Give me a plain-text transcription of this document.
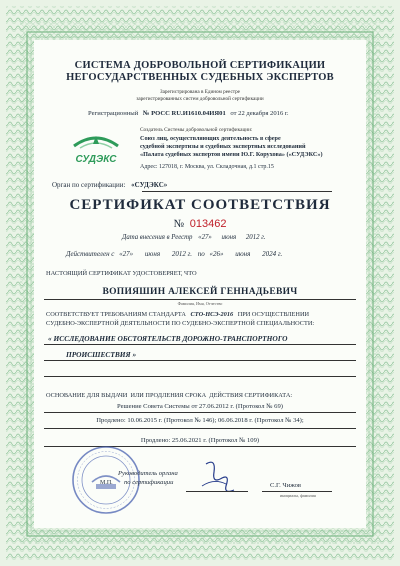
СИСТЕМА ДОБРОВОЛЬНОЙ СЕРТИФИКАЦИИ
НЕГОСУДАРСТВЕННЫХ СУДЕБНЫХ ЭКСПЕРТОВ
Зарегистрирована в Едином реестре
зарегистрированных систем добровольной сертификации
Регистрационный № РОСС RU.И1610.04ИЯ01 от 22 декабря 2016 г.
СУДЭКС
Создатель Системы добровольной сертификации:
Союз лиц, осуществляющих деятельность в сфере
судебной экспертизы и судебных экспертных исследований
«Палата судебных экспертов имени Ю.Г. Корухова» («СУДЭКС»)
Адрес: 127018, г. Москва, ул. Складочная, д.1 стр.15
Орган по сертификации: «СУДЭКС»
СЕРТИФИКАТ СООТВЕТСТВИЯ
№ 013462
Дата внесения в Реестр «27» июня 2012 г.
Действителен с «27» июня 2012 г. по «26» июня 2024 г.
НАСТОЯЩИЙ СЕРТИФИКАТ УДОСТОВЕРЯЕТ, ЧТО
ВОПИЯШИН АЛЕКСЕЙ ГЕННАДЬЕВИЧ
Фамилия, Имя, Отчество
СООТВЕТСТВУЕТ ТРЕБОВАНИЯМ СТАНДАРТА СТО-НСЭ-2016 ПРИ ОСУЩЕСТВЛЕНИИ
СУДЕБНО-ЭКСПЕРТНОЙ ДЕЯТЕЛЬНОСТИ ПО СУДЕБНО-ЭКСПЕРТНОЙ СПЕЦИАЛЬНОСТИ:
« ИССЛЕДОВАНИЕ ОБСТОЯТЕЛЬСТВ ДОРОЖНО-ТРАНСПОРТНОГО
ПРОИСШЕСТВИЯ »
ОСНОВАНИЕ ДЛЯ ВЫДАЧИ  ИЛИ ПРОДЛЕНИЯ СРОКА  ДЕЙСТВИЯ СЕРТИФИКАТА:
Решение Совета Системы от 27.06.2012 г. (Протокол № 69)
Продлено: 10.06.2015 г. (Протокол № 146); 06.06.2018 г. (Протокол № 34);
Продлено: 25.06.2021 г. (Протокол № 109)
М.П.
Руководитель органа
по сертификации	С.Г. Чижов
инициалы, фамилия
